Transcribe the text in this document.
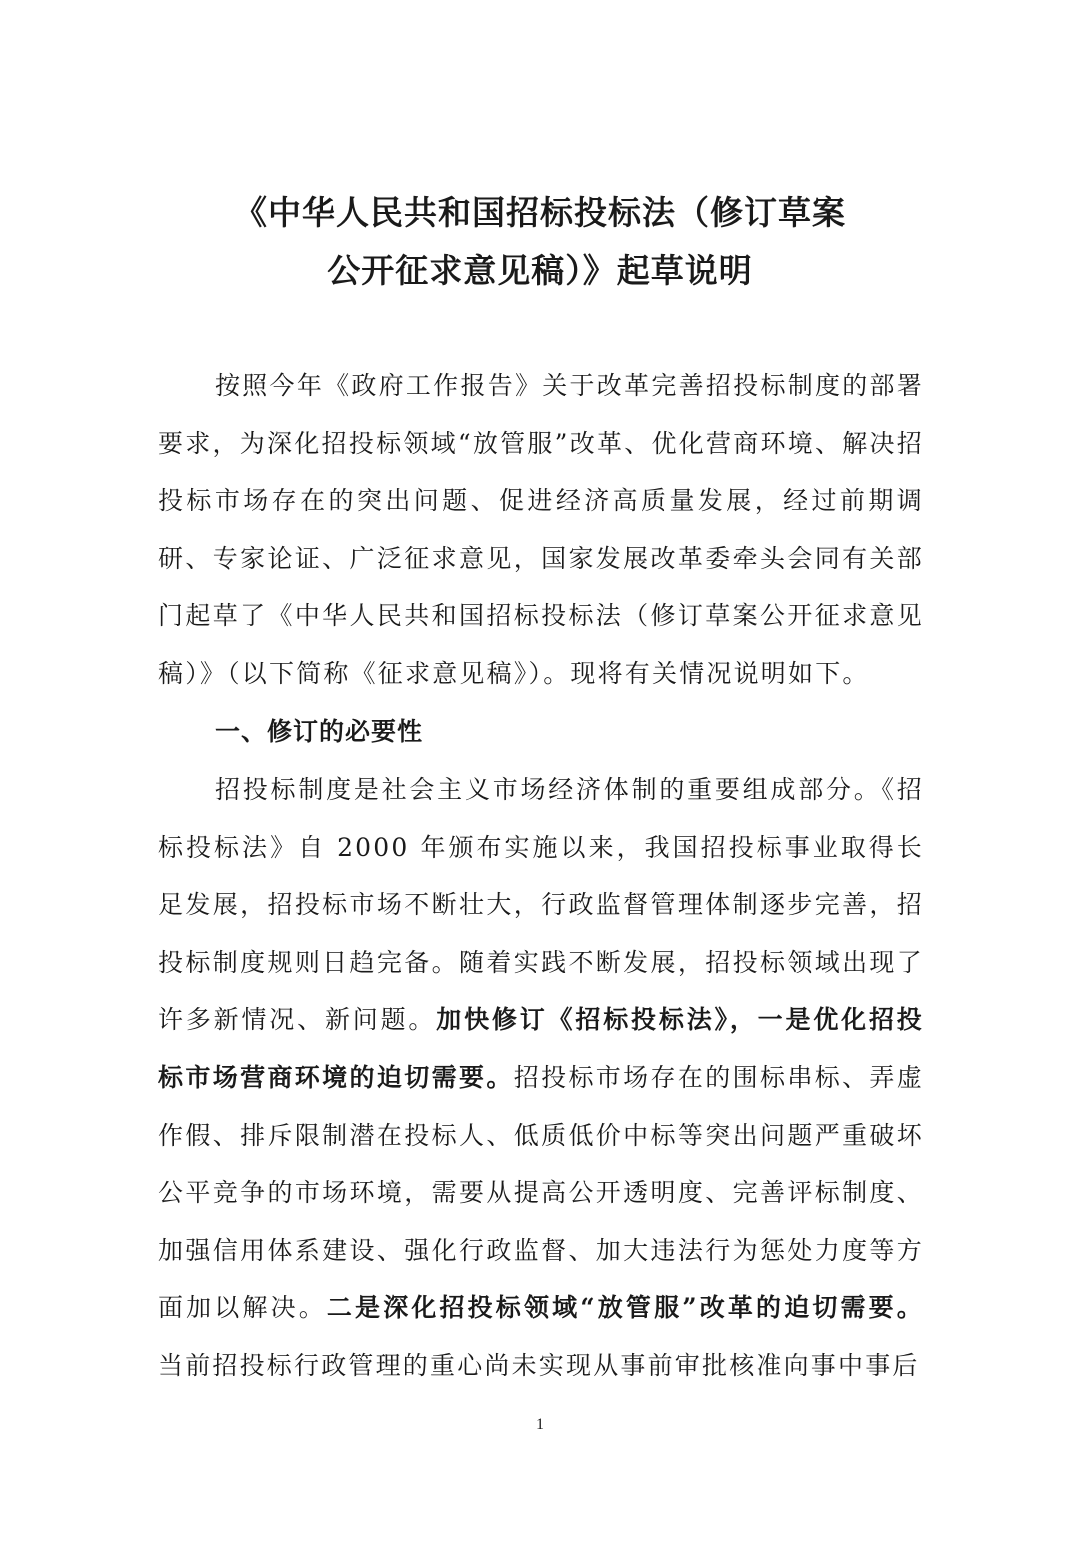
《中华人民共和国招标投标法（修订草案
公开征求意见稿）》起草说明

按照今年《政府工作报告》关于改革完善招投标制度的部署要求，为深化招投标领域“放管服”改革、优化营商环境、解决招投标市场存在的突出问题、促进经济高质量发展，经过前期调研、专家论证、广泛征求意见，国家发展改革委牵头会同有关部门起草了《中华人民共和国招标投标法（修订草案公开征求意见稿）》（以下简称《征求意见稿》）。现将有关情况说明如下。

一、修订的必要性

招投标制度是社会主义市场经济体制的重要组成部分。《招标投标法》自 2000 年颁布实施以来，我国招投标事业取得长足发展，招投标市场不断壮大，行政监督管理体制逐步完善，招投标制度规则日趋完备。随着实践不断发展，招投标领域出现了许多新情况、新问题。加快修订《招标投标法》，一是优化招投标市场营商环境的迫切需要。招投标市场存在的围标串标、弄虚作假、排斥限制潜在投标人、低质低价中标等突出问题严重破坏公平竞争的市场环境，需要从提高公开透明度、完善评标制度、加强信用体系建设、强化行政监督、加大违法行为惩处力度等方面加以解决。二是深化招投标领域“放管服”改革的迫切需要。当前招投标行政管理的重心尚未实现从事前审批核准向事中事后

1
